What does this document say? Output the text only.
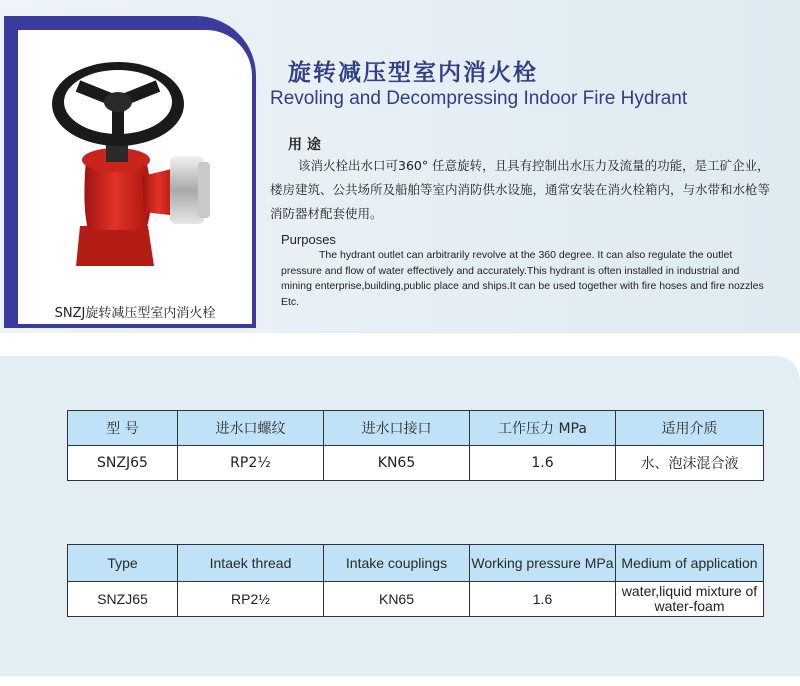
SNZJ旋转减压型室内消火栓
旋转减压型室内消火栓
Revoling and Decompressing Indoor Fire Hydrant
用 途
该消火栓出水口可360° 任意旋转，且具有控制出水压力及流量的功能，是工矿企业，楼房建筑、公共场所及船舶等室内消防供水设施，通常安装在消火栓箱内，与水带和水枪等消防器材配套使用。
Purposes
The hydrant outlet can arbitrarily revolve at the 360 degree. It can also regulate the outlet pressure and flow of water effectively and accurately.This hydrant is often installed in industrial and mining enterprise,building,public place and ships.It can be used together with fire hoses and fire nozzles Etc.
型 号	进水口螺纹	进水口接口	工作压力 MPa	适用介质
SNZJ65	RP2½	KN65	1.6	水、泡沫混合液
Type	Intaek thread	Intake couplings	Working pressure MPa	Medium of application
SNZJ65	RP2½	KN65	1.6	water,liquid mixture of water-foam
